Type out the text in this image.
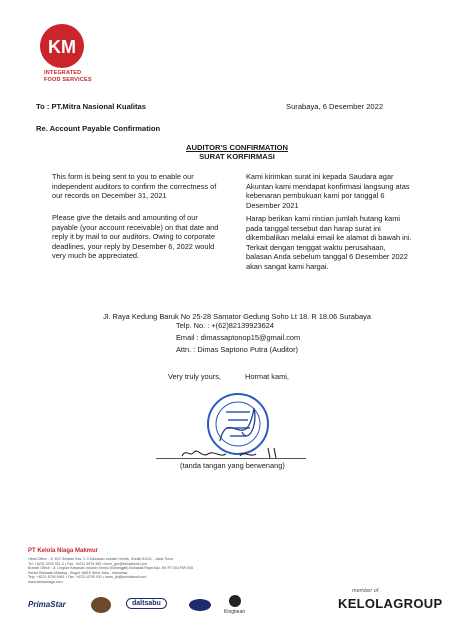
KM
INTEGRATED
FOOD SERVICES
To : PT.Mitra Nasional Kualitas	Surabaya, 6 Desember 2022
Re. Account Payable Confirmation
AUDITOR'S CONFIRMATION
SURAT KORFIRMASI
This form is being sent to you to enable our
independent auditors to confirm the correctness of
our records on December 31, 2021
Please give the details and amounting of our
payable (your account receivable) on that date and
reply it by mail to our auditors. Owing to corporate
deadlines, your reply by Desember 6, 2022 would
very much be appreciated.
Kami kirimkan surat ini kepada Saudara agar
Akuntan kami mendapat konfirmasi langsung atas
kebenaran pembukuan kami por tanggal 6
Desember 2021
Harap berikan kami rincian jumlah hutang kami
pada tanggal tersebut dan harap surat ini
dikembalikan melalui email ke alamat di bawah ini.
Terkait dengan tenggat waktu perusahaan,
balasan Anda sebelum tanggal 6 Desember 2022
akan sangat kami hargai.
Jl. Raya Kedung Baruk No 25-28 Samator Gedung Soho Lt 18. R 18.06 Surabaya
Telp. No. : +(62)82139923624
Email : dimassaptonop15@gmail.com
Attn. : Dimas Saptono Putra (Auditor)
Very truly yours,	Hormat kami,
(tanda tangan yang berwenang)
PT Kelola Niaga Makmur
Head Office : JI. KIG Selatan Kav. C-3 Kawasan Industri Gresik, Gresik 61121 - Jawa Timur
Tel. +6231 3976 351-3 • Fax. +6231 3976 350 • kmm_grs@kelolafood.com
Branch Office : Jl. Lingkar Kawasan Industri Sentul (Karangjati) Bahasak Raya Kav. KK RT 004 RW 006
Sentul Bahasak Madang - Bogor 16810 West Java - Indonesia
Telp. +6221 8795 5961 • Fax. +6221 8795 931 • kmm_jkt@kelolafood.com
www.kelolaniaga.com
PrimaStar	daltsabu
Kingbean
member of
KELOLAGROUP
